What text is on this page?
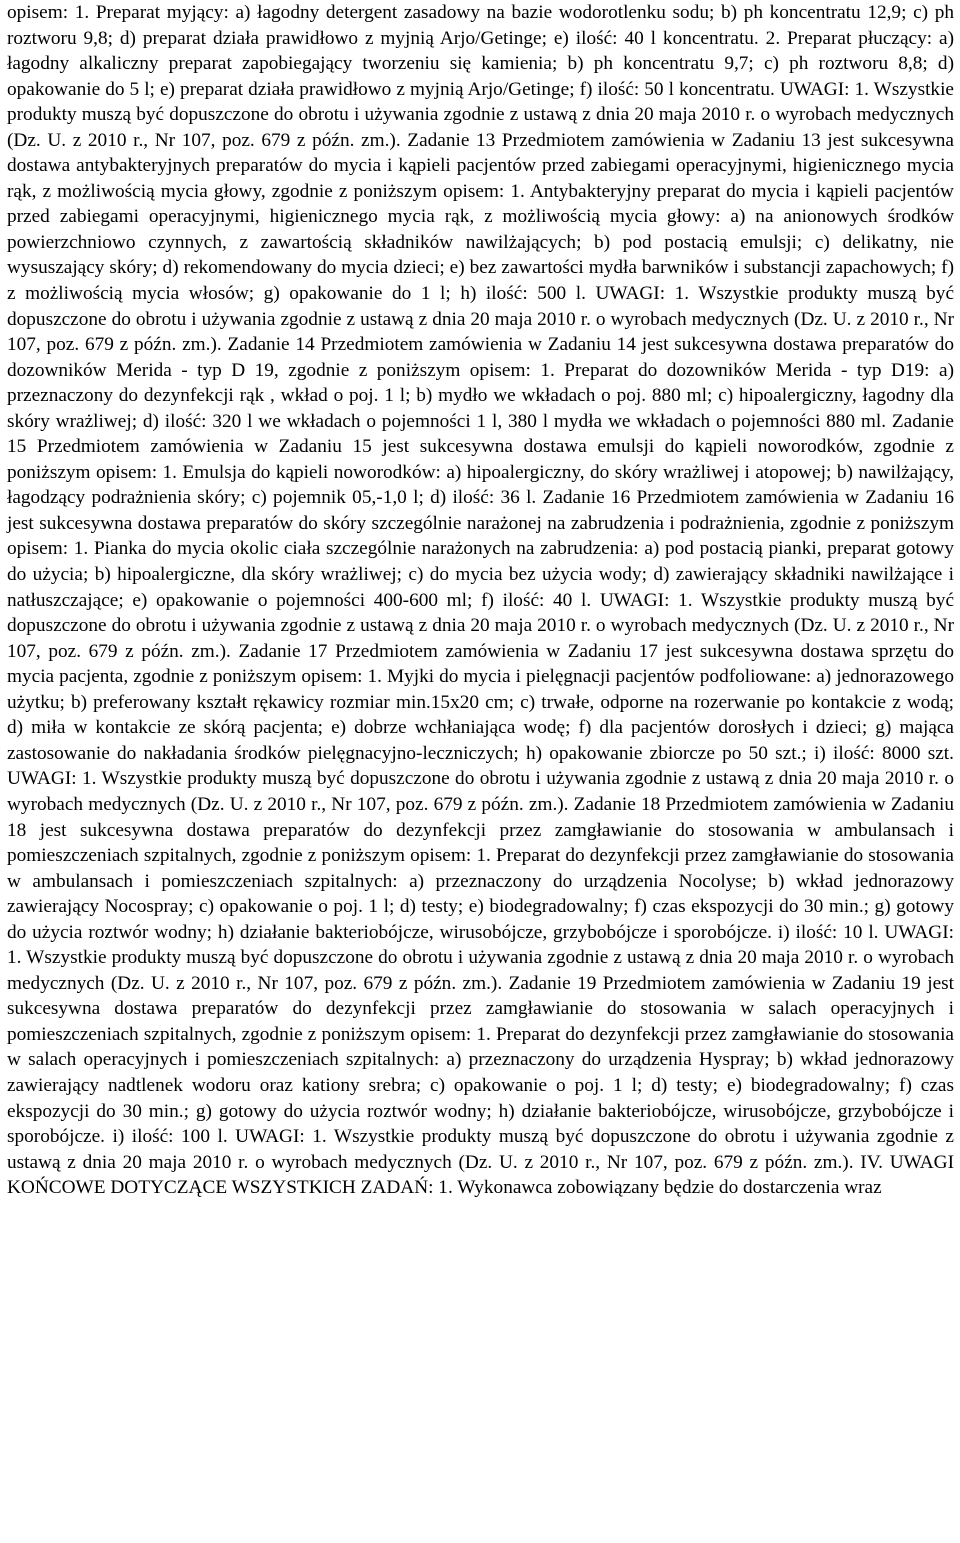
opisem: 1. Preparat myjący: a) łagodny detergent zasadowy na bazie wodorotlenku sodu; b) ph koncentratu 12,9; c) ph roztworu 9,8; d) preparat działa prawidłowo z myjnią Arjo/Getinge; e) ilość: 40 l koncentratu. 2. Preparat płuczący: a) łagodny alkaliczny preparat zapobiegający tworzeniu się kamienia; b) ph koncentratu 9,7; c) ph roztworu 8,8; d) opakowanie do 5 l; e) preparat działa prawidłowo z myjnią Arjo/Getinge; f) ilość: 50 l koncentratu. UWAGI: 1. Wszystkie produkty muszą być dopuszczone do obrotu i używania zgodnie z ustawą z dnia 20 maja 2010 r. o wyrobach medycznych (Dz. U. z 2010 r., Nr 107, poz. 679 z późn. zm.). Zadanie 13 Przedmiotem zamówienia w Zadaniu 13 jest sukcesywna dostawa antybakteryjnych preparatów do mycia i kąpieli pacjentów przed zabiegami operacyjnymi, higienicznego mycia rąk, z możliwością mycia głowy, zgodnie z poniższym opisem: 1. Antybakteryjny preparat do mycia i kąpieli pacjentów przed zabiegami operacyjnymi, higienicznego mycia rąk, z możliwością mycia głowy: a) na anionowych środków powierzchniowo czynnych, z zawartością składników nawilżających; b) pod postacią emulsji; c) delikatny, nie wysuszający skóry; d) rekomendowany do mycia dzieci; e) bez zawartości mydła barwników i substancji zapachowych; f) z możliwością mycia włosów; g) opakowanie do 1 l; h) ilość: 500 l. UWAGI: 1. Wszystkie produkty muszą być dopuszczone do obrotu i używania zgodnie z ustawą z dnia 20 maja 2010 r. o wyrobach medycznych (Dz. U. z 2010 r., Nr 107, poz. 679 z późn. zm.). Zadanie 14 Przedmiotem zamówienia w Zadaniu 14 jest sukcesywna dostawa preparatów do dozowników Merida - typ D 19, zgodnie z poniższym opisem: 1. Preparat do dozowników Merida - typ D19: a) przeznaczony do dezynfekcji rąk , wkład o poj. 1 l; b) mydło we wkładach o poj. 880 ml; c) hipoalergiczny, łagodny dla skóry wrażliwej; d) ilość: 320 l we wkładach o pojemności 1 l, 380 l mydła we wkładach o pojemności 880 ml. Zadanie 15 Przedmiotem zamówienia w Zadaniu 15 jest sukcesywna dostawa emulsji do kąpieli noworodków, zgodnie z poniższym opisem: 1. Emulsja do kąpieli noworodków: a) hipoalergiczny, do skóry wrażliwej i atopowej; b) nawilżający, łagodzący podrażnienia skóry; c) pojemnik 05,-1,0 l; d) ilość: 36 l. Zadanie 16 Przedmiotem zamówienia w Zadaniu 16 jest sukcesywna dostawa preparatów do skóry szczególnie narażonej na zabrudzenia i podrażnienia, zgodnie z poniższym opisem: 1. Pianka do mycia okolic ciała szczególnie narażonych na zabrudzenia: a) pod postacią pianki, preparat gotowy do użycia; b) hipoalergiczne, dla skóry wrażliwej; c) do mycia bez użycia wody; d) zawierający składniki nawilżające i natłuszczające; e) opakowanie o pojemności 400-600 ml; f) ilość: 40 l. UWAGI: 1. Wszystkie produkty muszą być dopuszczone do obrotu i używania zgodnie z ustawą z dnia 20 maja 2010 r. o wyrobach medycznych (Dz. U. z 2010 r., Nr 107, poz. 679 z późn. zm.). Zadanie 17 Przedmiotem zamówienia w Zadaniu 17 jest sukcesywna dostawa sprzętu do mycia pacjenta, zgodnie z poniższym opisem: 1. Myjki do mycia i pielęgnacji pacjentów podfoliowane: a) jednorazowego użytku; b) preferowany kształt rękawicy rozmiar min.15x20 cm; c) trwałe, odporne na rozerwanie po kontakcie z wodą; d) miła w kontakcie ze skórą pacjenta; e) dobrze wchłaniająca wodę; f) dla pacjentów dorosłych i dzieci; g) mająca zastosowanie do nakładania środków pielęgnacyjno-leczniczych; h) opakowanie zbiorcze po 50 szt.; i) ilość: 8000 szt. UWAGI: 1. Wszystkie produkty muszą być dopuszczone do obrotu i używania zgodnie z ustawą z dnia 20 maja 2010 r. o wyrobach medycznych (Dz. U. z 2010 r., Nr 107, poz. 679 z późn. zm.). Zadanie 18 Przedmiotem zamówienia w Zadaniu 18 jest sukcesywna dostawa preparatów do dezynfekcji przez zamgławianie do stosowania w ambulansach i pomieszczeniach szpitalnych, zgodnie z poniższym opisem: 1. Preparat do dezynfekcji przez zamgławianie do stosowania w ambulansach i pomieszczeniach szpitalnych: a) przeznaczony do urządzenia Nocolyse; b) wkład jednorazowy zawierający Nocospray; c) opakowanie o poj. 1 l; d) testy; e) biodegradowalny; f) czas ekspozycji do 30 min.; g) gotowy do użycia roztwór wodny; h) działanie bakteriobójcze, wirusobójcze, grzybobójcze i sporobójcze. i) ilość: 10 l. UWAGI: 1. Wszystkie produkty muszą być dopuszczone do obrotu i używania zgodnie z ustawą z dnia 20 maja 2010 r. o wyrobach medycznych (Dz. U. z 2010 r., Nr 107, poz. 679 z późn. zm.). Zadanie 19 Przedmiotem zamówienia w Zadaniu 19 jest sukcesywna dostawa preparatów do dezynfekcji przez zamgławianie do stosowania w salach operacyjnych i pomieszczeniach szpitalnych, zgodnie z poniższym opisem: 1. Preparat do dezynfekcji przez zamgławianie do stosowania w salach operacyjnych i pomieszczeniach szpitalnych: a) przeznaczony do urządzenia Hyspray; b) wkład jednorazowy zawierający nadtlenek wodoru oraz kationy srebra; c) opakowanie o poj. 1 l; d) testy; e) biodegradowalny; f) czas ekspozycji do 30 min.; g) gotowy do użycia roztwór wodny; h) działanie bakteriobójcze, wirusobójcze, grzybobójcze i sporobójcze. i) ilość: 100 l. UWAGI: 1. Wszystkie produkty muszą być dopuszczone do obrotu i używania zgodnie z ustawą z dnia 20 maja 2010 r. o wyrobach medycznych (Dz. U. z 2010 r., Nr 107, poz. 679 z późn. zm.). IV. UWAGI KOŃCOWE DOTYCZĄCE WSZYSTKICH ZADAŃ: 1. Wykonawca zobowiązany będzie do dostarczenia wraz
